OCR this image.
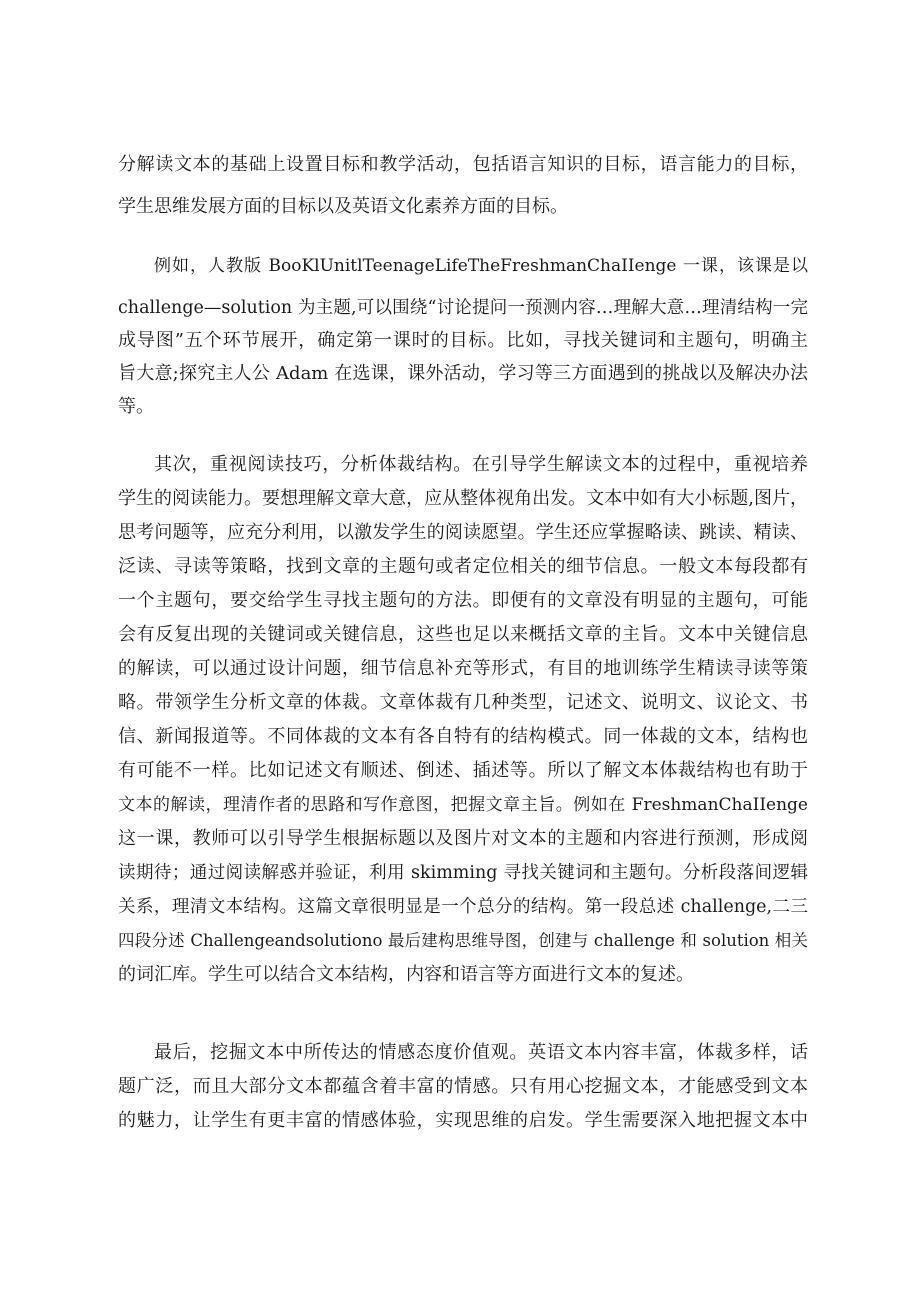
分解读文本的基础上设置目标和教学活动，包括语言知识的目标，语言能力的目标，
学生思维发展方面的目标以及英语文化素养方面的目标。
例如，人教版 BooKlUnitlTeenageLifeTheFreshmanChaIIenge 一课，该课是以
challenge—solution 为主题,可以围绕“讨论提问一预测内容…理解大意…理清结构一完
成导图”五个环节展开，确定第一课时的目标。比如，寻找关键词和主题句，明确主
旨大意;探究主人公 Adam 在选课，课外活动，学习等三方面遇到的挑战以及解决办法
等。
其次，重视阅读技巧，分析体裁结构。在引导学生解读文本的过程中，重视培养
学生的阅读能力。要想理解文章大意，应从整体视角出发。文本中如有大小标题,图片，
思考问题等，应充分利用，以激发学生的阅读愿望。学生还应掌握略读、跳读、精读、
泛读、寻读等策略，找到文章的主题句或者定位相关的细节信息。一般文本每段都有
一个主题句，要交给学生寻找主题句的方法。即便有的文章没有明显的主题句，可能
会有反复出现的关键词或关键信息，这些也足以来概括文章的主旨。文本中关键信息
的解读，可以通过设计问题，细节信息补充等形式，有目的地训练学生精读寻读等策
略。带领学生分析文章的体裁。文章体裁有几种类型，记述文、说明文、议论文、书
信、新闻报道等。不同体裁的文本有各自特有的结构模式。同一体裁的文本，结构也
有可能不一样。比如记述文有顺述、倒述、插述等。所以了解文本体裁结构也有助于
文本的解读，理清作者的思路和写作意图，把握文章主旨。例如在 FreshmanChaIIenge
这一课，教师可以引导学生根据标题以及图片对文本的主题和内容进行预测，形成阅
读期待；通过阅读解惑并验证，利用 skimming 寻找关键词和主题句。分析段落间逻辑
关系，理清文本结构。这篇文章很明显是一个总分的结构。第一段总述 challenge,二三
四段分述 Challengeandsolutiono 最后建构思维导图，创建与 challenge 和 solution 相关
的词汇库。学生可以结合文本结构，内容和语言等方面进行文本的复述。
最后，挖掘文本中所传达的情感态度价值观。英语文本内容丰富，体裁多样，话
题广泛，而且大部分文本都蕴含着丰富的情感。只有用心挖掘文本，才能感受到文本
的魅力，让学生有更丰富的情感体验，实现思维的启发。学生需要深入地把握文本中
